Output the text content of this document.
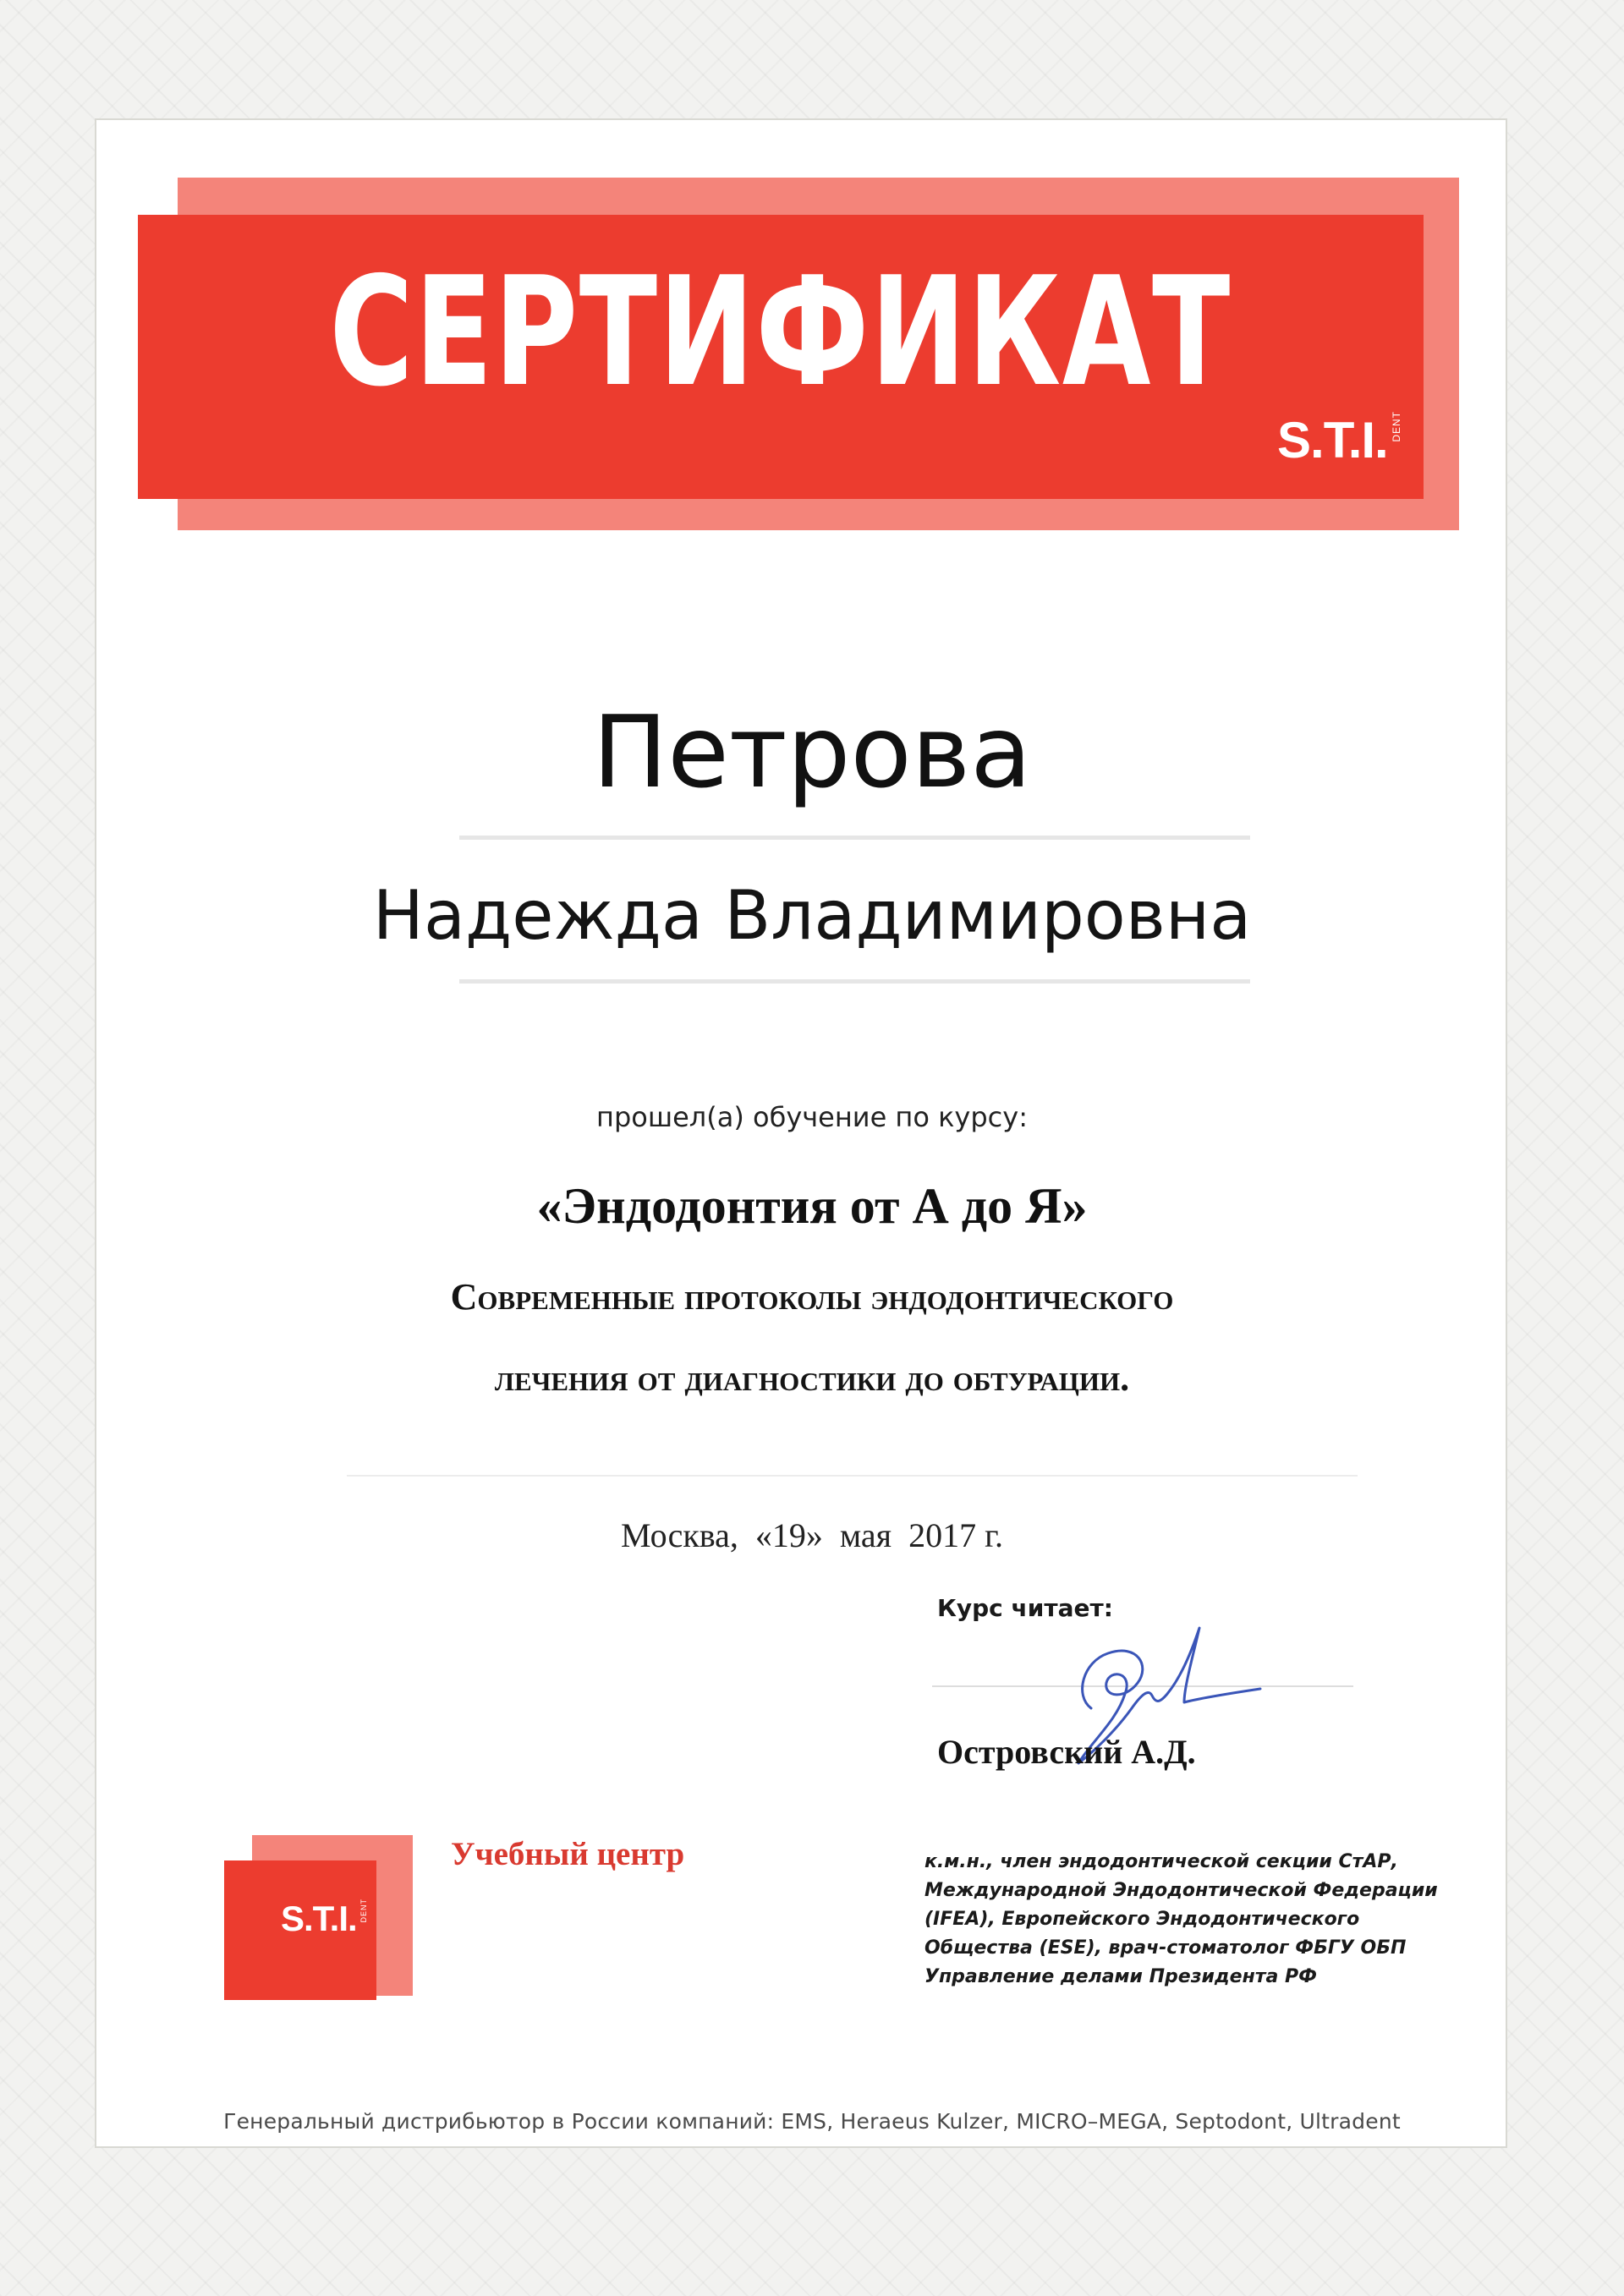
СЕРТИФИКАТ
S.T.I. DENT
Петрова
Надежда Владимировна
прошел(а) обучение по курсу:
«Эндодонтия от А до Я»
Современные протоколы эндодонтического
лечения от диагностики до обтурации.
Москва,  «19»  мая  2017 г.
Курс читает:
Островский А.Д.
Учебный центр	к.м.н., член эндодонтической секции СтАР,
Международной Эндодонтической Федерации
(IFEA), Европейского Эндодонтического
Общества (ESE), врач-стоматолог ФБГУ ОБП
Управление делами Президента РФ
S.T.I. DENT
Генеральный дистрибьютор в России компаний: EMS, Heraeus Kulzer, MICRO–MEGA, Septodont, Ultradent
